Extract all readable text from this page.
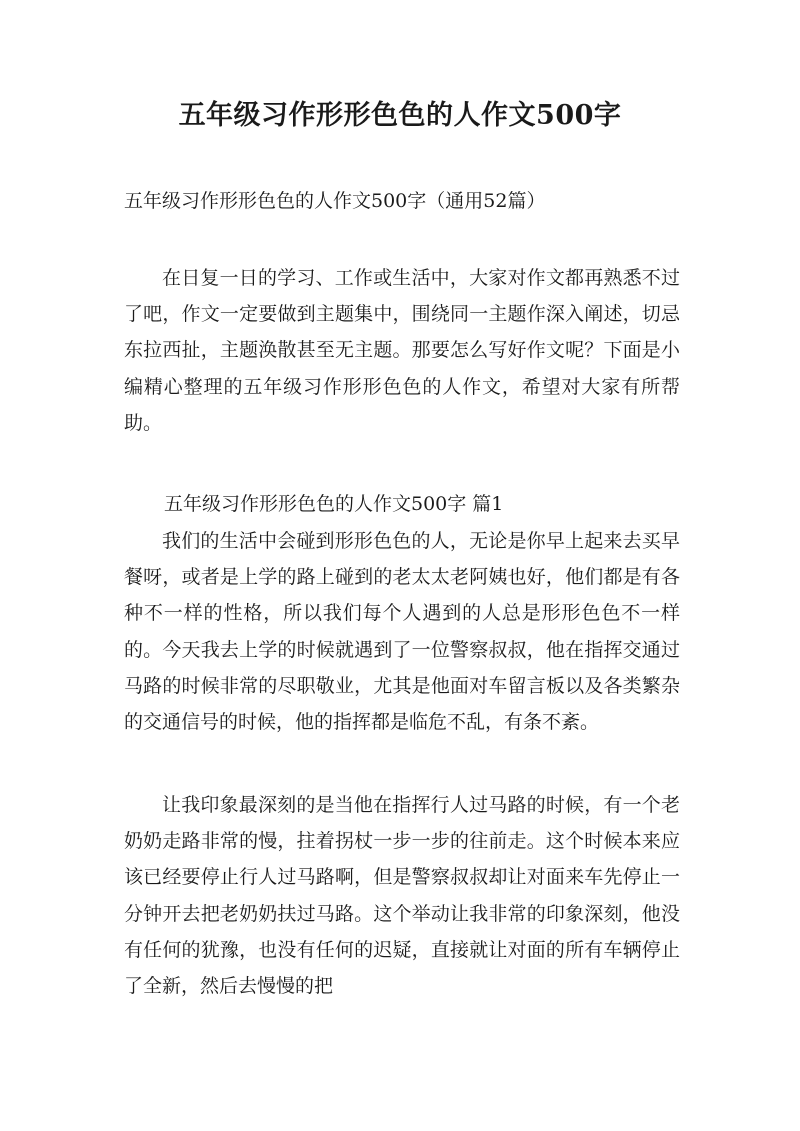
五年级习作形形色色的人作文500字
五年级习作形形色色的人作文500字（通用52篇）

在日复一日的学习、工作或生活中，大家对作文都再熟悉不过了吧，作文一定要做到主题集中，围绕同一主题作深入阐述，切忌东拉西扯，主题涣散甚至无主题。那要怎么写好作文呢？下面是小编精心整理的五年级习作形形色色的人作文，希望对大家有所帮助。

五年级习作形形色色的人作文500字 篇1

我们的生活中会碰到形形色色的人，无论是你早上起来去买早餐呀，或者是上学的路上碰到的老太太老阿姨也好，他们都是有各种不一样的性格，所以我们每个人遇到的人总是形形色色不一样的。今天我去上学的时候就遇到了一位警察叔叔，他在指挥交通过马路的时候非常的尽职敬业，尤其是他面对车留言板以及各类繁杂的交通信号的时候，他的指挥都是临危不乱，有条不紊。

让我印象最深刻的是当他在指挥行人过马路的时候，有一个老奶奶走路非常的慢，拄着拐杖一步一步的往前走。这个时候本来应该已经要停止行人过马路啊，但是警察叔叔却让对面来车先停止一分钟开去把老奶奶扶过马路。这个举动让我非常的印象深刻，他没有任何的犹豫，也没有任何的迟疑，直接就让对面的所有车辆停止了全新，然后去慢慢的把
